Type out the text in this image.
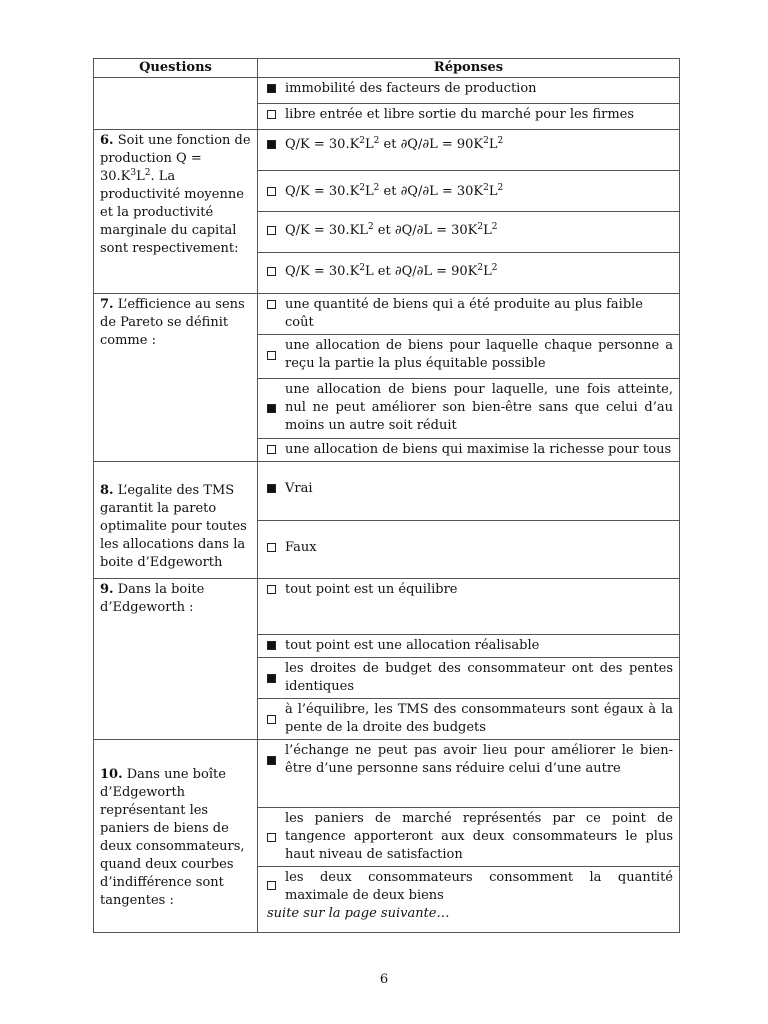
Questions	Réponses

	immobilité des facteurs de production

	libre entrée et libre sortie du marché pour les firmes

6. Soit une fonction de production $Q = 30.K^3L^2$. La productivité moyenne et la productivité marginale du capital sont respectivement:	$Q/K = 30.K^2L^2$ et $\partial Q/\partial L = 90K^2L^2$

	$Q/K = 30.K^2L^2$ et $\partial Q/\partial L = 30K^2L^2$

	$Q/K = 30.KL^2$ et $\partial Q/\partial L = 30K^2L^2$

	$Q/K = 30.K^2L$ et $\partial Q/\partial L = 90K^2L^2$

7. L’efficience au sens de Pareto se définit comme :	une quantité de biens qui a été produite au plus faible coût

	une allocation de biens pour laquelle chaque personne a reçu la partie la plus équitable possible

	une allocation de biens pour laquelle, une fois atteinte, nul ne peut améliorer son bien-être sans que celui d’au moins un autre soit réduit

	une allocation de biens qui maximise la richesse pour tous

8. L’egalite des TMS garantit la pareto optimalite pour toutes les allocations dans la boite d’Edgeworth	Vrai

	Faux

9. Dans la boite d’Edgeworth :	tout point est un équilibre

	tout point est une allocation réalisable

	les droites de budget des consommateur ont des pentes identiques

	à l’équilibre, les TMS des consommateurs sont égaux à la pente de la droite des budgets

10. Dans une boîte d’Edgeworth représentant les paniers de biens de deux consommateurs, quand deux courbes d’indifférence sont tangentes :	l’échange ne peut pas avoir lieu pour améliorer le bien-être d’une personne sans réduire celui d’une autre

	les paniers de marché représentés par ce point de tangence apporteront aux deux consommateurs le plus haut niveau de satisfaction

	les deux consommateurs consomment la quantité maximale de deux biens
suite sur la page suivante…
6
